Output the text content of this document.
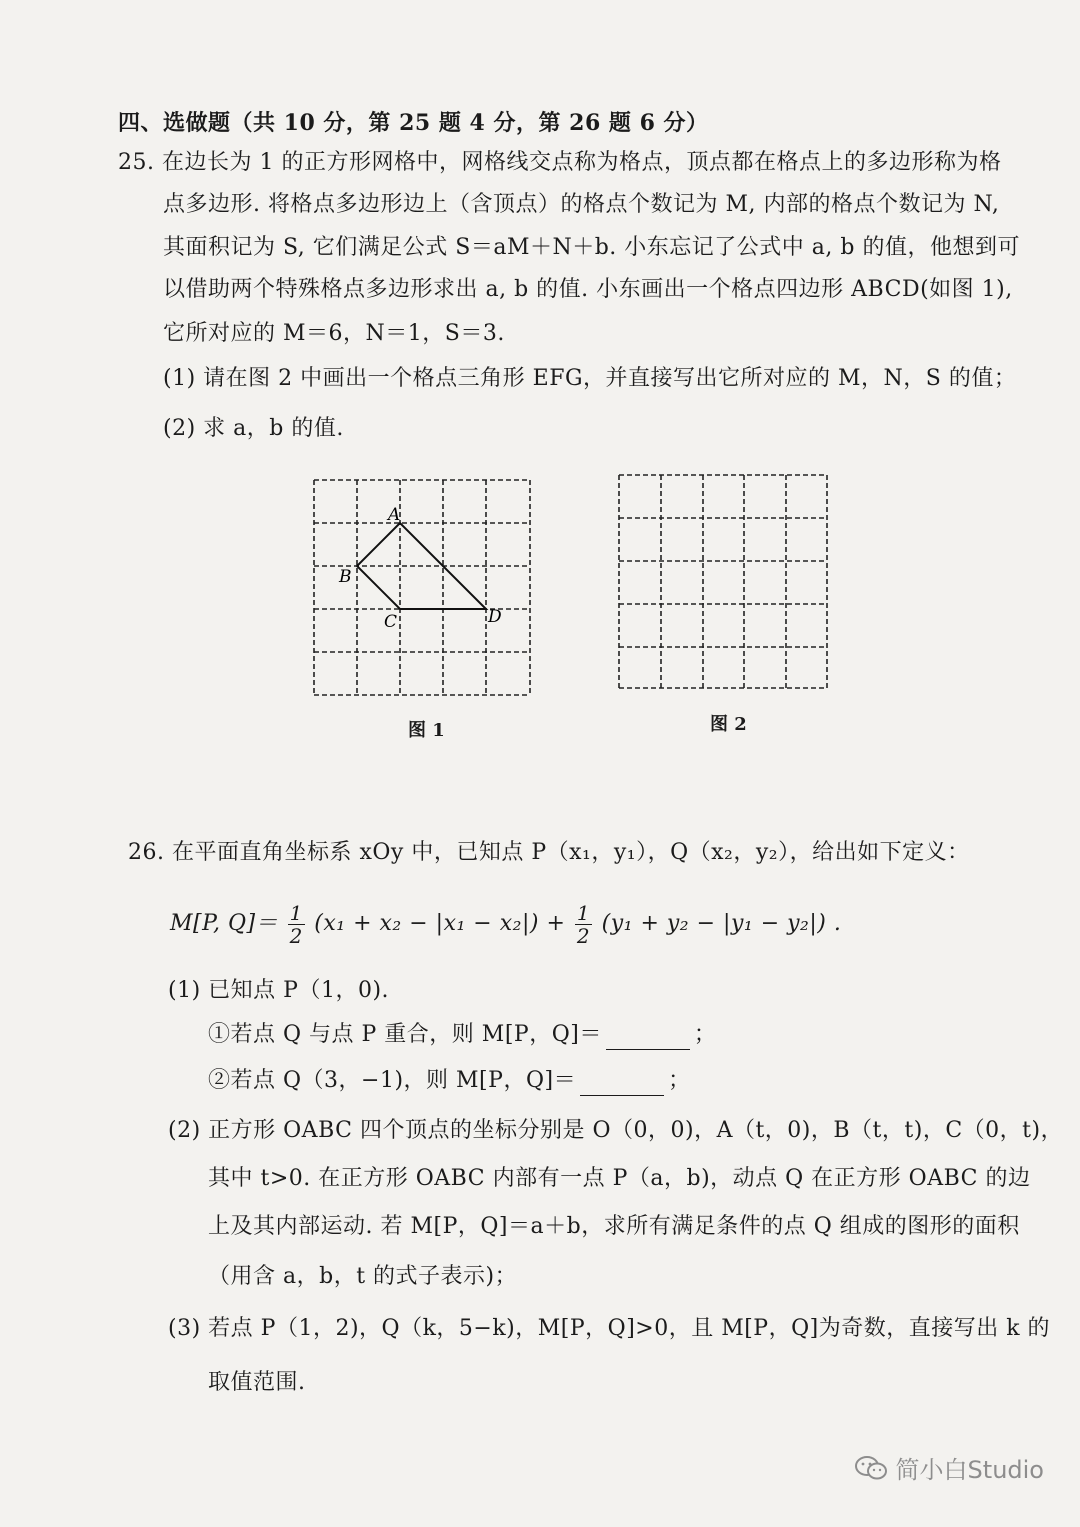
四、选做题（共 10 分，第 25 题 4 分，第 26 题 6 分）
25. 在边长为 1 的正方形网格中，网格线交点称为格点，顶点都在格点上的多边形称为格
点多边形. 将格点多边形边上（含顶点）的格点个数记为 M, 内部的格点个数记为 N,
其面积记为 S, 它们满足公式 S＝aM＋N＋b. 小东忘记了公式中 a, b 的值，他想到可
以借助两个特殊格点多边形求出 a, b 的值. 小东画出一个格点四边形 ABCD(如图 1),
它所对应的 M＝6，N＝1，S＝3.
(1) 请在图 2 中画出一个格点三角形 EFG，并直接写出它所对应的 M，N，S 的值；
(2) 求 a，b 的值.
A
B
C	D
图 1	图 2
26. 在平面直角坐标系 xOy 中，已知点 P（x₁，y₁），Q（x₂，y₂），给出如下定义：
M[P, $Q]= \frac{1}{2} (x_1 + x_2 - |x_1 - x_2|) + \frac{1}{2} (y_1 + y_2 - |y_1 - y_2|)$ .
(1) 已知点 P（1，0).
①若点 Q 与点 P 重合，则 M[P，Q]＝	；
②若点 Q（3，−1)，则 M[P，Q]＝	；
(2) 正方形 OABC 四个顶点的坐标分别是 O（0，0)，A（t，0)，B（t，t)，C（0，t)，
其中 t>0. 在正方形 OABC 内部有一点 P（a，b)，动点 Q 在正方形 OABC 的边
上及其内部运动. 若 M[P，Q]＝a＋b，求所有满足条件的点 Q 组成的图形的面积
（用含 a，b，t 的式子表示)；
(3) 若点 P（1，2)，Q（k，5−k)，M[P，Q]>0，且 M[P，Q]为奇数，直接写出 k 的
取值范围.
简小白Studio
